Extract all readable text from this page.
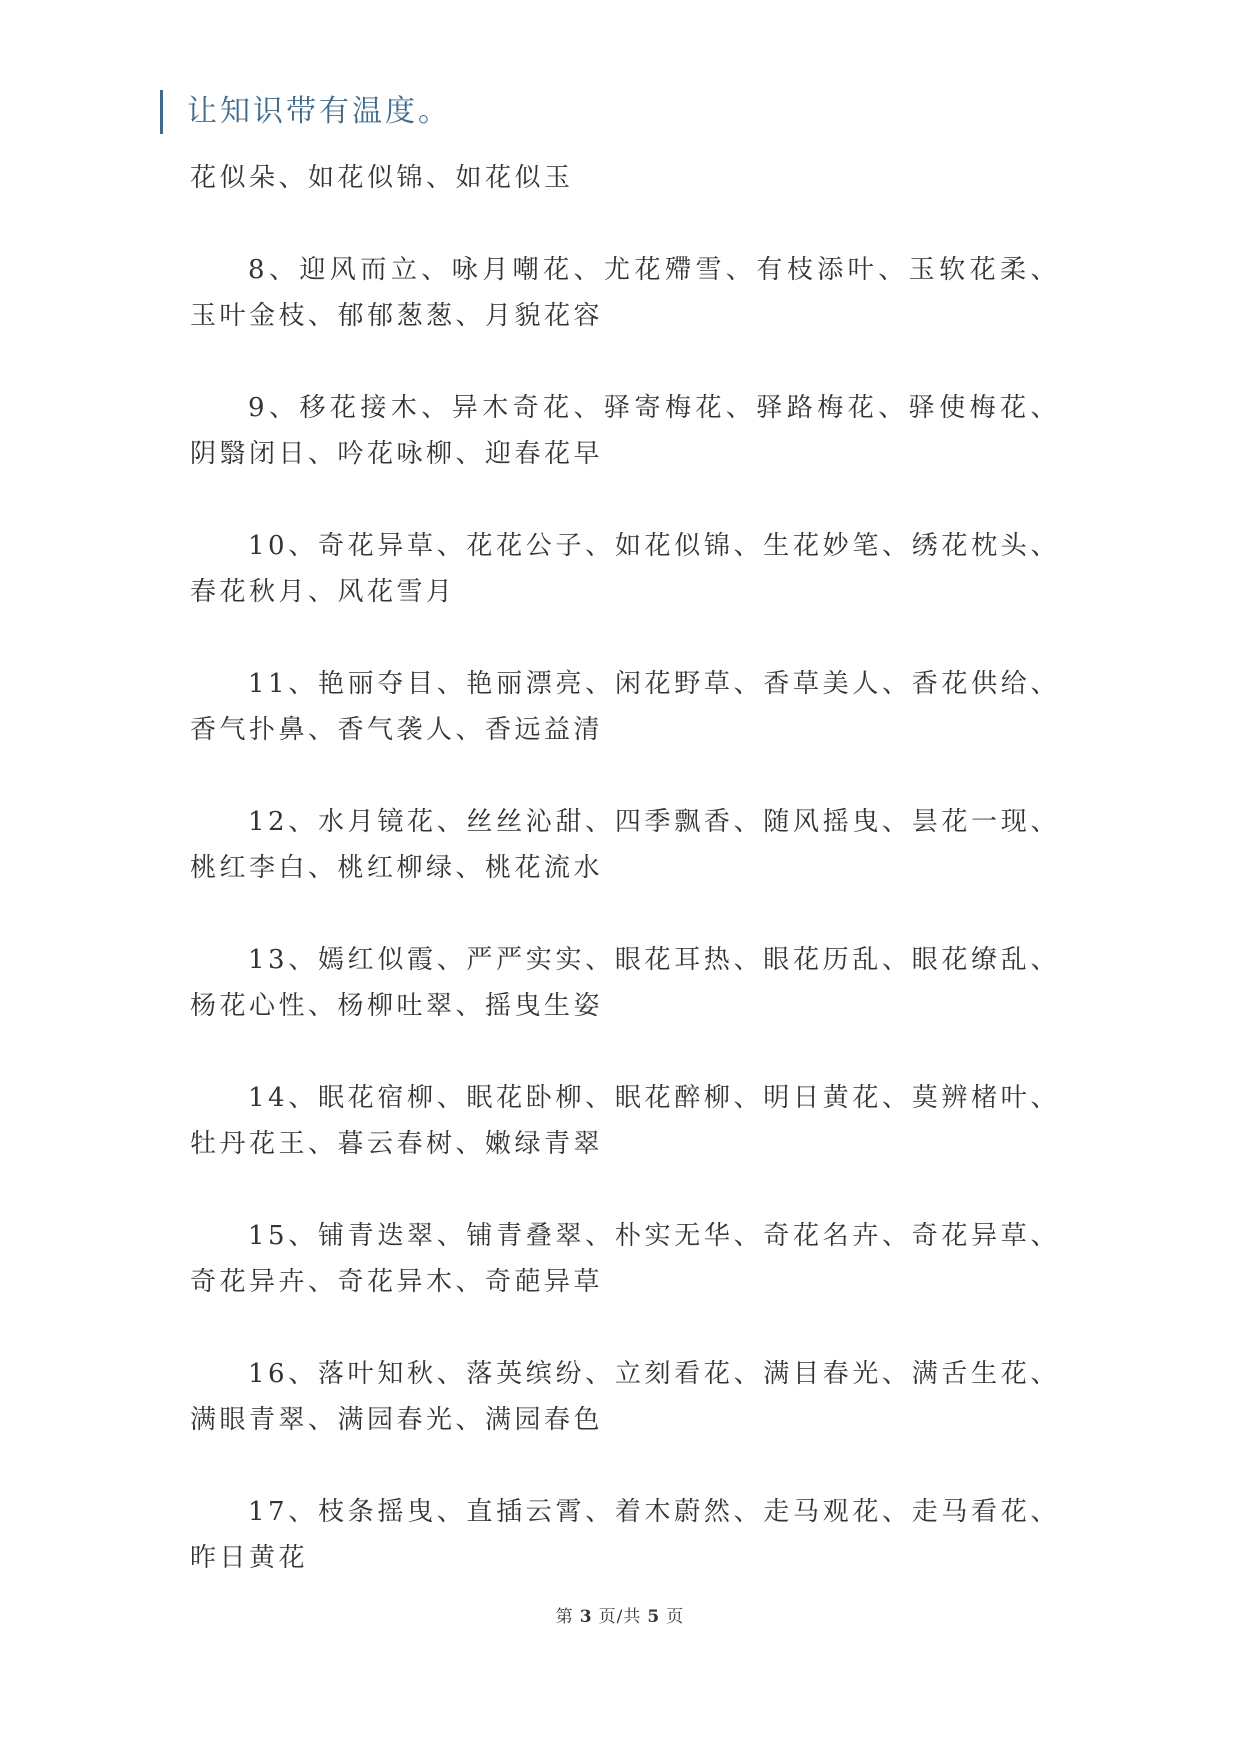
让知识带有温度。

花似朵、如花似锦、如花似玉

8、迎风而立、咏月嘲花、尤花殢雪、有枝添叶、玉软花柔、玉叶金枝、郁郁葱葱、月貌花容

9、移花接木、异木奇花、驿寄梅花、驿路梅花、驿使梅花、阴翳闭日、吟花咏柳、迎春花早

10、奇花异草、花花公子、如花似锦、生花妙笔、绣花枕头、春花秋月、风花雪月

11、艳丽夺目、艳丽漂亮、闲花野草、香草美人、香花供给、香气扑鼻、香气袭人、香远益清

12、水月镜花、丝丝沁甜、四季飘香、随风摇曳、昙花一现、桃红李白、桃红柳绿、桃花流水

13、嫣红似霞、严严实实、眼花耳热、眼花历乱、眼花缭乱、杨花心性、杨柳吐翠、摇曳生姿

14、眠花宿柳、眠花卧柳、眠花醉柳、明日黄花、莫辨楮叶、牡丹花王、暮云春树、嫩绿青翠

15、铺青迭翠、铺青叠翠、朴实无华、奇花名卉、奇花异草、奇花异卉、奇花异木、奇葩异草

16、落叶知秋、落英缤纷、立刻看花、满目春光、满舌生花、满眼青翠、满园春光、满园春色

17、枝条摇曳、直插云霄、着木蔚然、走马观花、走马看花、昨日黄花

第 3 页/共 5 页
